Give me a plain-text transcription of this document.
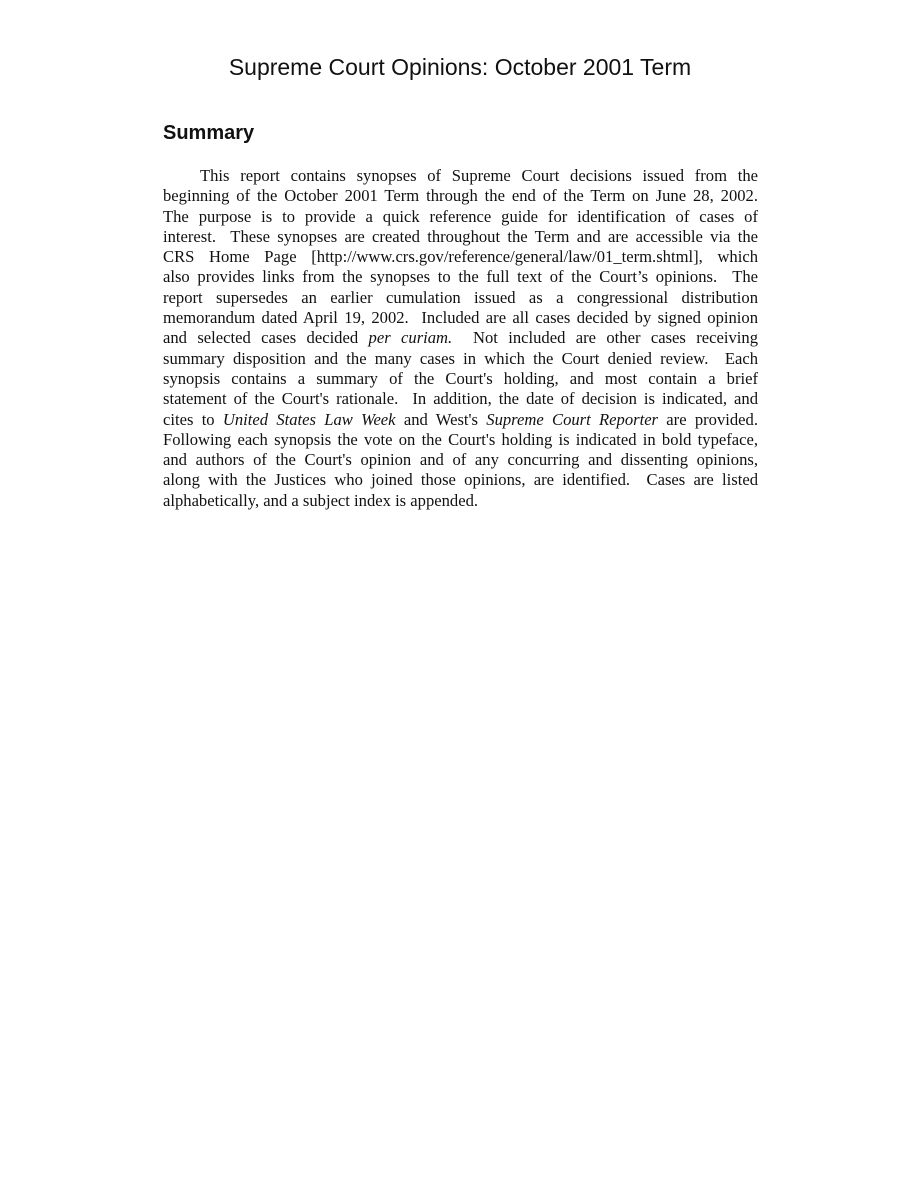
Supreme Court Opinions: October 2001 Term
Summary
This report contains synopses of Supreme Court decisions issued from the
beginning of the October 2001 Term through the end of the Term on June 28, 2002.
The purpose is to provide a quick reference guide for identification of cases of
interest.  These synopses are created throughout the Term and are accessible via the
CRS Home Page [http://www.crs.gov/reference/general/law/01_term.shtml], which
also provides links from the synopses to the full text of the Court’s opinions.  The
report supersedes an earlier cumulation issued as a congressional distribution
memorandum dated April 19, 2002.  Included are all cases decided by signed opinion
and selected cases decided per curiam.  Not included are other cases receiving
summary disposition and the many cases in which the Court denied review.  Each
synopsis contains a summary of the Court's holding, and most contain a brief
statement of the Court's rationale.  In addition, the date of decision is indicated, and
cites to United States Law Week and West's Supreme Court Reporter are provided.
Following each synopsis the vote on the Court's holding is indicated in bold typeface,
and authors of the Court's opinion and of any concurring and dissenting opinions,
along with the Justices who joined those opinions, are identified.  Cases are listed
alphabetically, and a subject index is appended.
